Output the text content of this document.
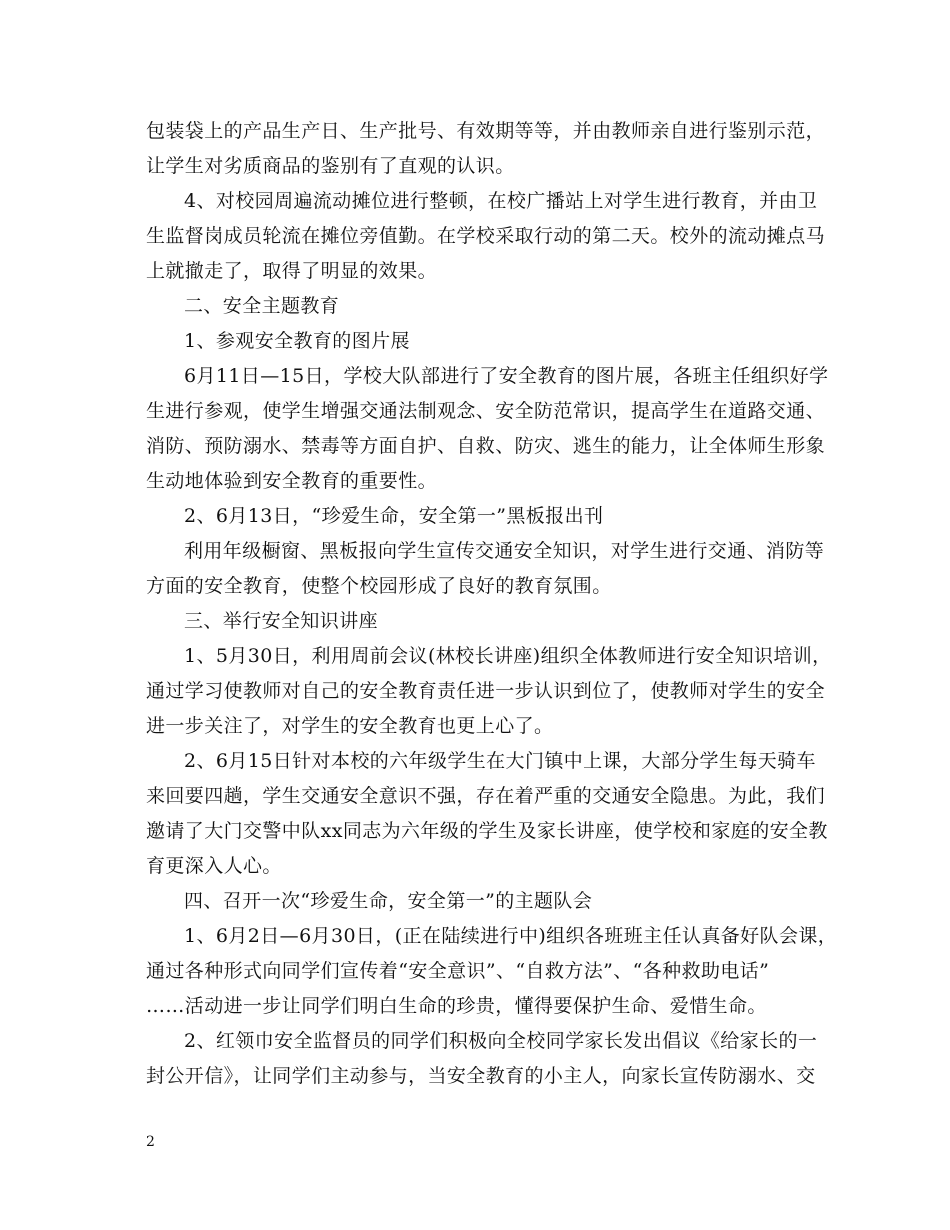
包装袋上的产品生产日、生产批号、有效期等等，并由教师亲自进行鉴别示范，
让学生对劣质商品的鉴别有了直观的认识。
4、对校园周遍流动摊位进行整顿，在校广播站上对学生进行教育，并由卫
生监督岗成员轮流在摊位旁值勤。在学校采取行动的第二天。校外的流动摊点马
上就撤走了，取得了明显的效果。
二、安全主题教育
1、参观安全教育的图片展
6月11日—15日，学校大队部进行了安全教育的图片展，各班主任组织好学
生进行参观，使学生增强交通法制观念、安全防范常识，提高学生在道路交通、
消防、预防溺水、禁毒等方面自护、自救、防灾、逃生的能力，让全体师生形象
生动地体验到安全教育的重要性。
2、6月13日，“珍爱生命，安全第一”黑板报出刊
利用年级橱窗、黑板报向学生宣传交通安全知识，对学生进行交通、消防等
方面的安全教育，使整个校园形成了良好的教育氛围。
三、举行安全知识讲座
1、5月30日，利用周前会议(林校长讲座)组织全体教师进行安全知识培训，
通过学习使教师对自己的安全教育责任进一步认识到位了，使教师对学生的安全
进一步关注了，对学生的安全教育也更上心了。
2、6月15日针对本校的六年级学生在大门镇中上课，大部分学生每天骑车
来回要四趟，学生交通安全意识不强，存在着严重的交通安全隐患。为此，我们
邀请了大门交警中队xx同志为六年级的学生及家长讲座，使学校和家庭的安全教
育更深入人心。
四、召开一次“珍爱生命，安全第一”的主题队会
1、6月2日—6月30日，(正在陆续进行中)组织各班班主任认真备好队会课，
通过各种形式向同学们宣传着“安全意识”、“自救方法”、“各种救助电话”
……活动进一步让同学们明白生命的珍贵，懂得要保护生命、爱惜生命。
2、红领巾安全监督员的同学们积极向全校同学家长发出倡议《给家长的一
封公开信》，让同学们主动参与，当安全教育的小主人，向家长宣传防溺水、交
2
